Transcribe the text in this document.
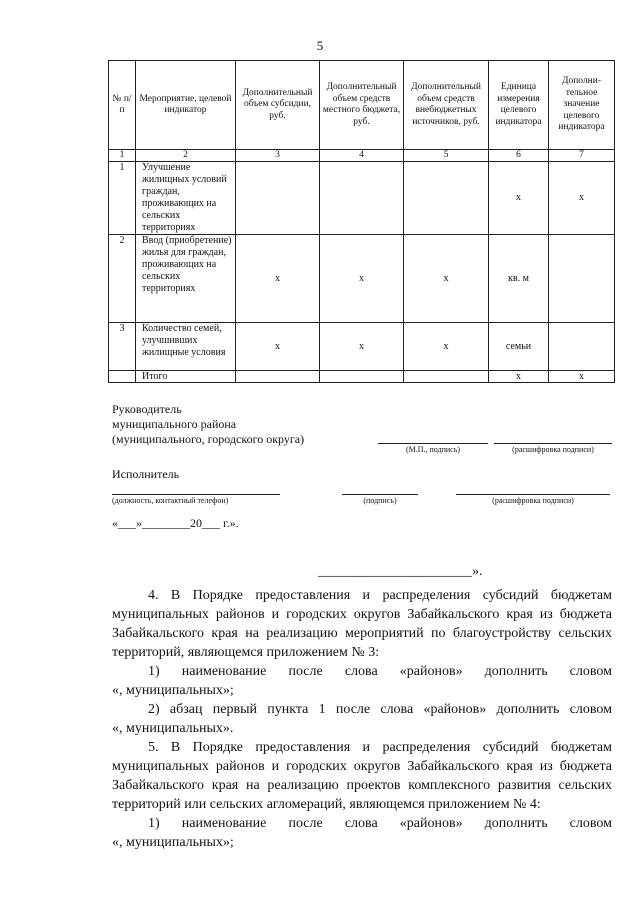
5
№ п/п	Мероприятие, целевой индикатор	Дополнительный объем субсидии, руб.	Дополнительный объем средств местного бюджета, руб.	Дополнительный объем средств внебюджетных источников, руб.	Единица измерения целевого индикатора	Дополни-тельное значение целевого индикатора
1	2	3	4	5	6	7
1	Улучшение жилищных условий граждан, проживающих на сельских территориях				x	x
2	Ввод (приобретение) жилья для граждан, проживающих на сельских территориях	x	x	x	кв. м	
3	Количество семей, улучшивших жилищные условия	x	x	x	семьи	
	Итого				x	x
Руководитель
муниципального района
(муниципального, городского округа)
(М.П., подпись)	(расшифровка подписи)
Исполнитель
(должность, контактный телефон)	(подпись)	(расшифровка подписи)
«___»________20___ г.».
______________________».
4. В Порядке предоставления и распределения субсидий бюджетам
муниципальных районов и городских округов Забайкальского края из бюджета
Забайкальского края на реализацию мероприятий по благоустройству сельских
территорий, являющемся приложением № 3:
1) наименование после слова «районов» дополнить словом
«, муниципальных»;
2) абзац первый пункта 1 после слова «районов» дополнить словом
«, муниципальных».
5. В Порядке предоставления и распределения субсидий бюджетам
муниципальных районов и городских округов Забайкальского края из бюджета
Забайкальского края на реализацию проектов комплексного развития сельских
территорий или сельских агломераций, являющемся приложением № 4:
1) наименование после слова «районов» дополнить словом
«, муниципальных»;
